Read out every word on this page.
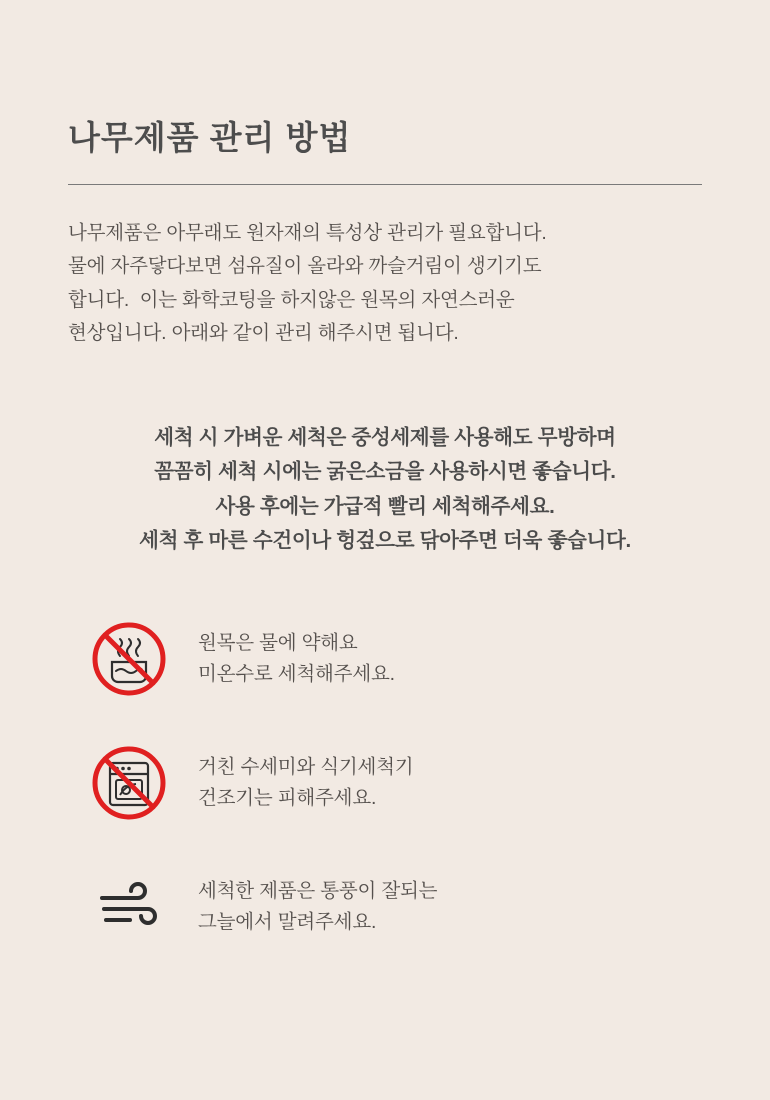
나무제품 관리 방법
나무제품은 아무래도 원자재의 특성상 관리가 필요합니다.
물에 자주닿다보면 섬유질이 올라와 까슬거림이 생기기도
합니다.  이는 화학코팅을 하지않은 원목의 자연스러운
현상입니다. 아래와 같이 관리 해주시면 됩니다.
세척 시 가벼운 세척은 중성세제를 사용해도 무방하며
꼼꼼히 세척 시에는 굵은소금을 사용하시면 좋습니다.
사용 후에는 가급적 빨리 세척해주세요.
세척 후 마른 수건이나 헝겊으로 닦아주면 더욱 좋습니다.
원목은 물에 약해요
미온수로 세척해주세요.
거친 수세미와 식기세척기
건조기는 피해주세요.
세척한 제품은 통풍이 잘되는
그늘에서 말려주세요.
